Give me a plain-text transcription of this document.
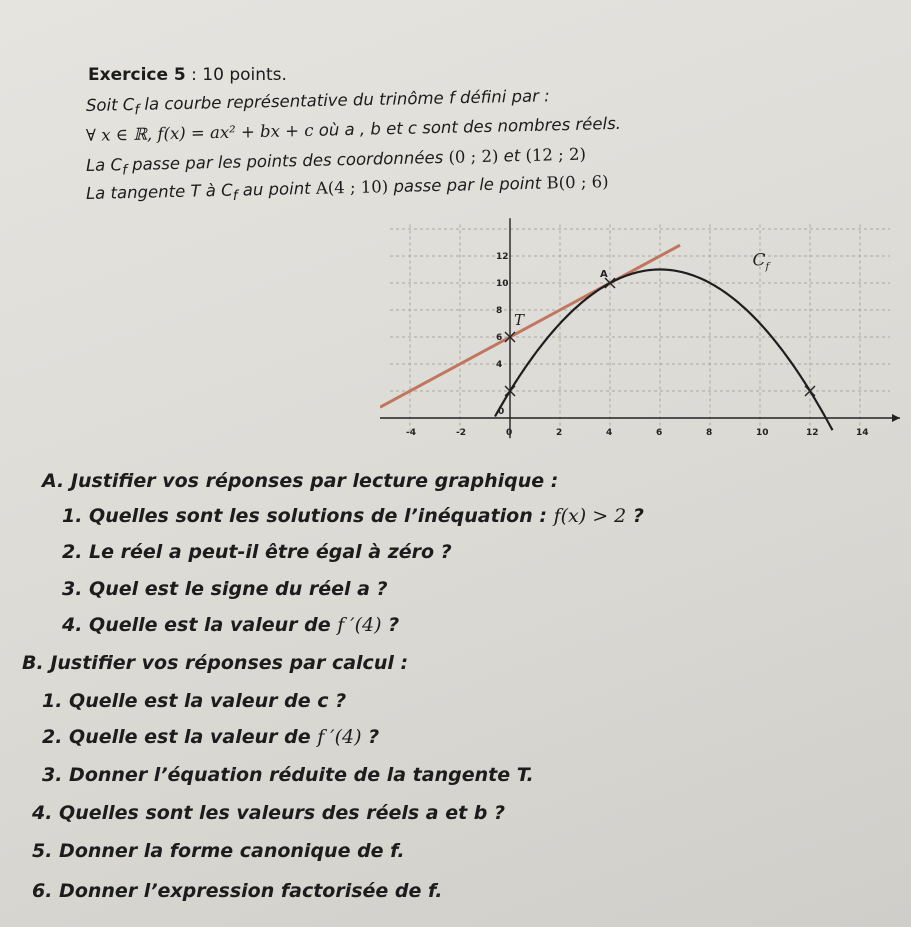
Exercice 5 : 10 points.
Soit $C_f$ la courbe représentative du trinôme f défini par :
∀ x ∈ ℝ, f(x) = ax² + bx + c où a , b et c sont des nombres réels.
La $C_f$ passe par les points des coordonnées (0 ; 2) et (12 ; 2)
La tangente T à $C_f$ au point A(4 ; 10) passe par le point B(0 ; 6)
-4	-2	0	2	4	6	8	10	12	14
4
6
8
10
12
A
T
$C_f$
0
A. Justifier vos réponses par lecture graphique :
1. Quelles sont les solutions de l’inéquation : f(x) > 2 ?
2. Le réel a peut-il être égal à zéro ?
3. Quel est le signe du réel a ?
4. Quelle est la valeur de f ′(4) ?
B. Justifier vos réponses par calcul :
1. Quelle est la valeur de c ?
2. Quelle est la valeur de f ′(4) ?
3. Donner l’équation réduite de la tangente T.
4. Quelles sont les valeurs des réels a et b ?
5. Donner la forme canonique de f.
6. Donner l’expression factorisée de f.
